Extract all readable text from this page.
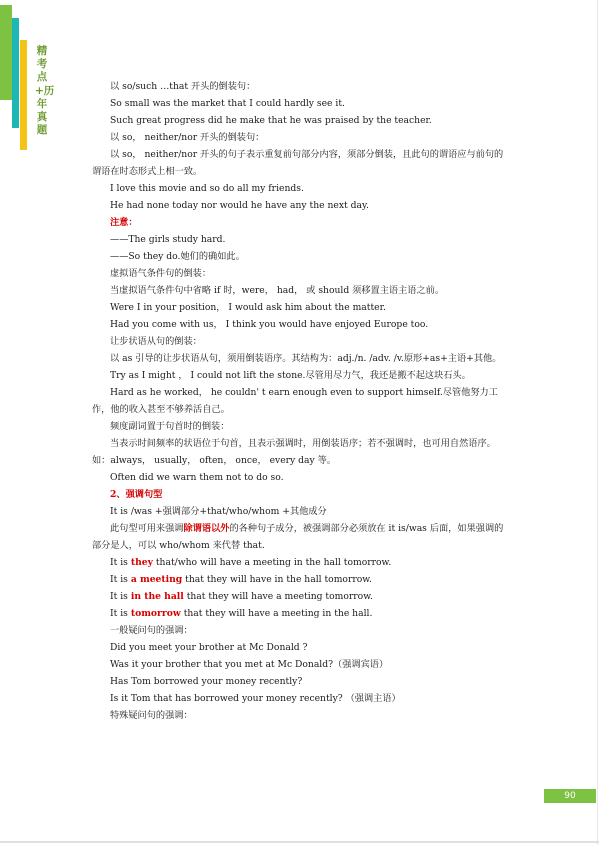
精考点+历年真题
以 so/such …that 开头的倒装句：
So small was the market that I could hardly see it.
Such great progress did he make that he was praised by the teacher.
以 so， neither/nor 开头的倒装句：
以 so， neither/nor 开头的句子表示重复前句部分内容，须部分倒装，且此句的谓语应与前句的谓语在时态形式上相一致。
I love this movie and so do all my friends.
He had none today nor would he have any the next day.
注意：
——The girls study hard.
——So they do.她们的确如此。
虚拟语气条件句的倒装：
当虚拟语气条件句中省略 if 时，were， had， 或 should 须移置主语主语之前。
Were I in your position， I would ask him about the matter.
Had you come with us， I think you would have enjoyed Europe too.
让步状语从句的倒装：
以 as 引导的让步状语从句，须用倒装语序。其结构为：adj./n. /adv. /v.原形+as+主语+其他。
Try as I might ， I could not lift the stone.尽管用尽力气，我还是搬不起这块石头。
Hard as he worked， he couldn' t earn enough even to support himself.尽管他努力工作，他的收入甚至不够养活自己。
频度副词置于句首时的倒装：
当表示时间频率的状语位于句首，且表示强调时，用倒装语序；若不强调时，也可用自然语序。如：always， usually， often， once， every day 等。
Often did we warn them not to do so.
2、强调句型
It is /was +强调部分+that/who/whom +其他成分
此句型可用来强调除谓语以外的各种句子成分，被强调部分必须放在 it is/was 后面，如果强调的部分是人，可以 who/whom 来代替 that.
It is they that/who will have a meeting in the hall tomorrow.
It is a meeting that they will have in the hall tomorrow.
It is in the hall that they will have a meeting tomorrow.
It is tomorrow that they will have a meeting in the hall.
一般疑问句的强调：
Did you meet your brother at Mc Donald ?
Was it your brother that you met at Mc Donald?（强调宾语）
Has Tom borrowed your money recently?
Is it Tom that has borrowed your money recently? （强调主语）
特殊疑问句的强调：
90
